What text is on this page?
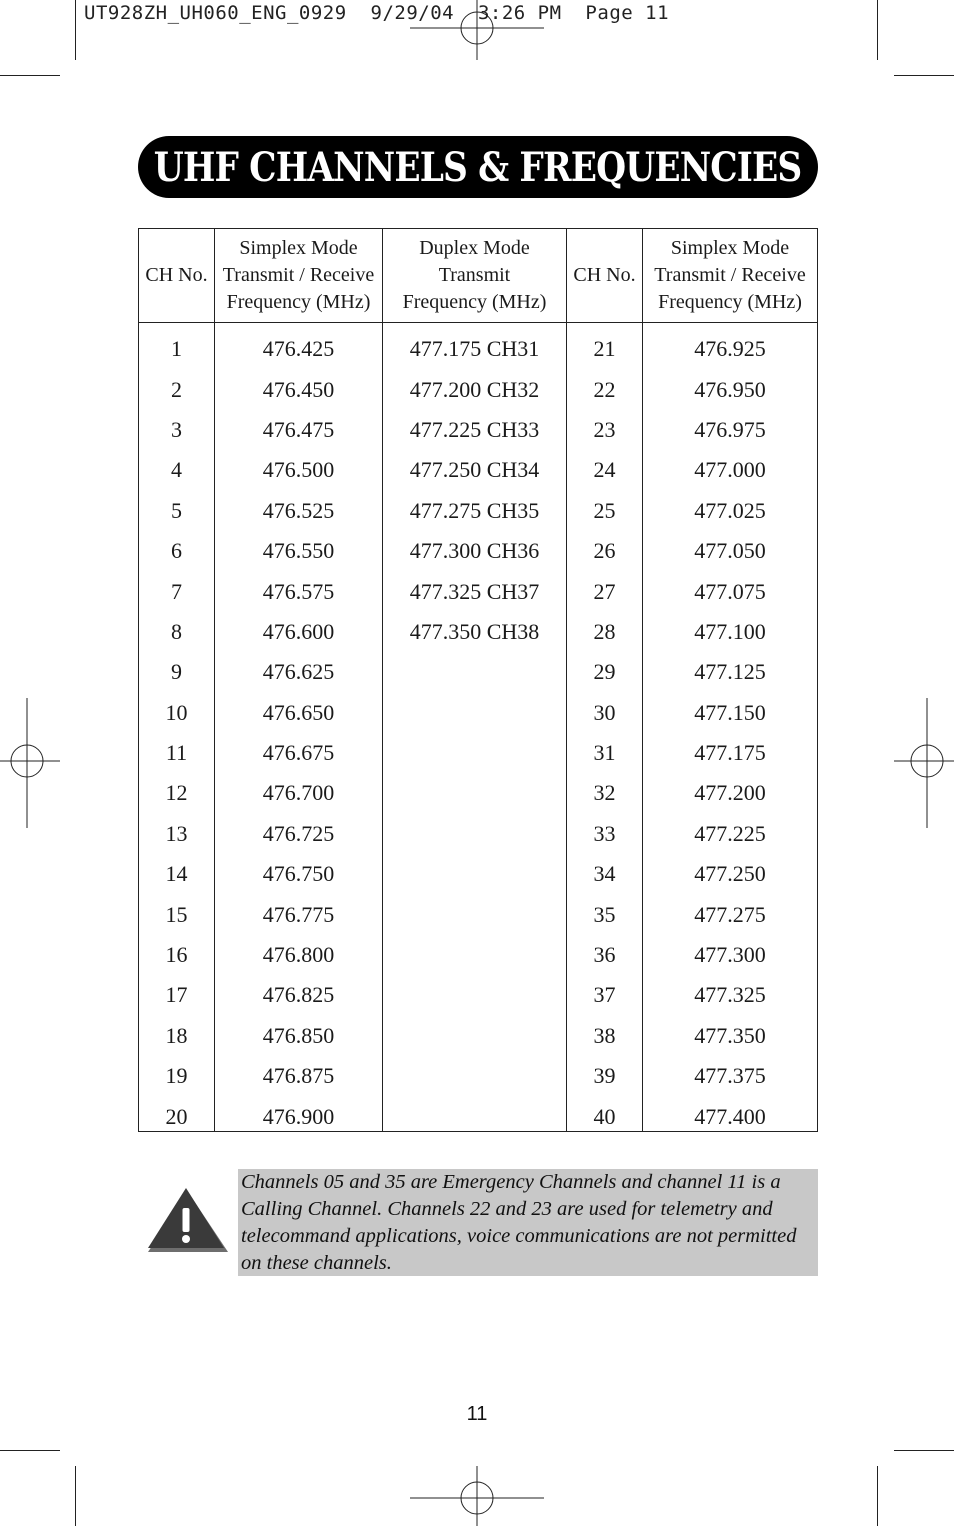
UT928ZH_UH060_ENG_0929  9/29/04  3:26 PM  Page 11
UHF CHANNELS & FREQUENCIES
CH No.
Simplex Mode
Transmit / Receive
Frequency (MHz)
Duplex Mode
Transmit
Frequency (MHz)
CH No.
Simplex Mode
Transmit / Receive
Frequency (MHz)
1
2
3
4
5
6
7
8
9
10
11
12
13
14
15
16
17
18
19
20
476.425
476.450
476.475
476.500
476.525
476.550
476.575
476.600
476.625
476.650
476.675
476.700
476.725
476.750
476.775
476.800
476.825
476.850
476.875
476.900
477.175 CH31
477.200 CH32
477.225 CH33
477.250 CH34
477.275 CH35
477.300 CH36
477.325 CH37
477.350 CH38
21
22
23
24
25
26
27
28
29
30
31
32
33
34
35
36
37
38
39
40
476.925
476.950
476.975
477.000
477.025
477.050
477.075
477.100
477.125
477.150
477.175
477.200
477.225
477.250
477.275
477.300
477.325
477.350
477.375
477.400

Channels 05 and 35 are Emergency Channels and channel 11 is a Calling Channel. Channels 22 and 23 are used for telemetry and telecommand applications, voice communications are not permitted on these channels.

11
